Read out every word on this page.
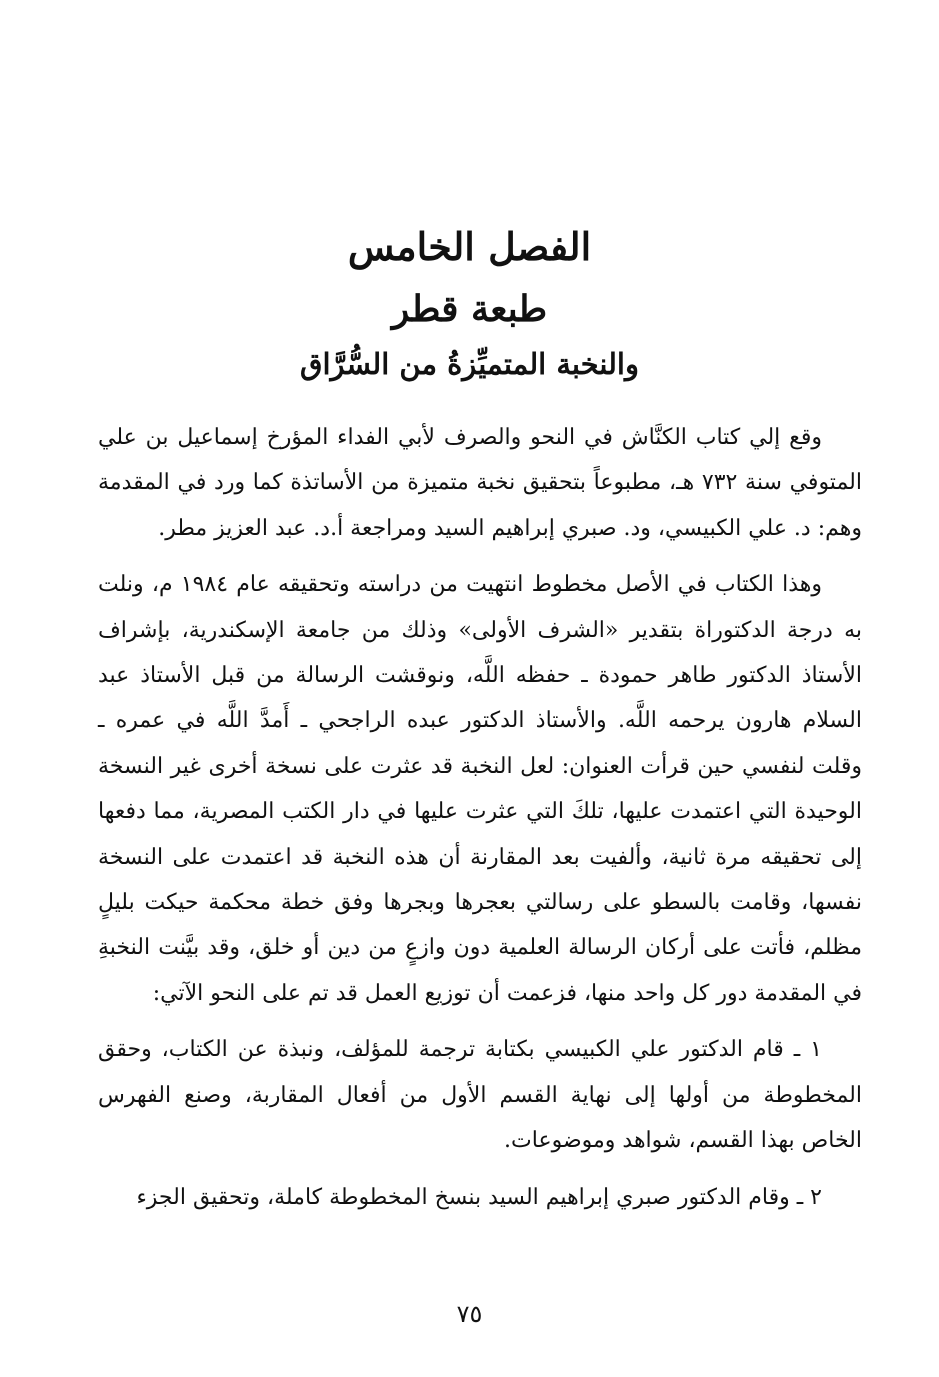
الفصل الخامس
طبعة قطر
والنخبة المتميِّزةُ من السُّرَّاق

وقع إلي كتاب الكنَّاش في النحو والصرف لأبي الفداء المؤرخ إسماعيل بن علي المتوفي سنة ٧٣٢ هـ، مطبوعاً بتحقيق نخبة متميزة من الأساتذة كما ورد في المقدمة وهم: د. علي الكبيسي، ود. صبري إبراهيم السيد ومراجعة أ.د. عبد العزيز مطر.

وهذا الكتاب في الأصل مخطوط انتهيت من دراسته وتحقيقه عام ١٩٨٤ م، ونلت به درجة الدكتوراة بتقدير «الشرف الأولى» وذلك من جامعة الإسكندرية، بإشراف الأستاذ الدكتور طاهر حمودة ـ حفظه اللَّه، ونوقشت الرسالة من قبل الأستاذ عبد السلام هارون يرحمه اللَّه. والأستاذ الدكتور عبده الراجحي ـ أَمدَّ اللَّه في عمره ـ وقلت لنفسي حين قرأت العنوان: لعل النخبة قد عثرت على نسخة أخرى غير النسخة الوحيدة التي اعتمدت عليها، تلكَ التي عثرت عليها في دار الكتب المصرية، مما دفعها إلى تحقيقه مرة ثانية، وألفيت بعد المقارنة أن هذه النخبة قد اعتمدت على النسخة نفسها، وقامت بالسطو على رسالتي بعجرها وبجرها وفق خطة محكمة حيكت بليلٍ مظلم، فأتت على أركان الرسالة العلمية دون وازعٍ من دين أو خلق، وقد بيَّنت النخبةِ في المقدمة دور كل واحد منها، فزعمت أن توزيع العمل قد تم على النحو الآتي:

١ ـ قام الدكتور علي الكبيسي بكتابة ترجمة للمؤلف، ونبذة عن الكتاب، وحقق المخطوطة من أولها إلى نهاية القسم الأول من أفعال المقاربة، وصنع الفهرس الخاص بهذا القسم، شواهد وموضوعات.

٢ ـ وقام الدكتور صبري إبراهيم السيد بنسخ المخطوطة كاملة، وتحقيق الجزء

٧٥
